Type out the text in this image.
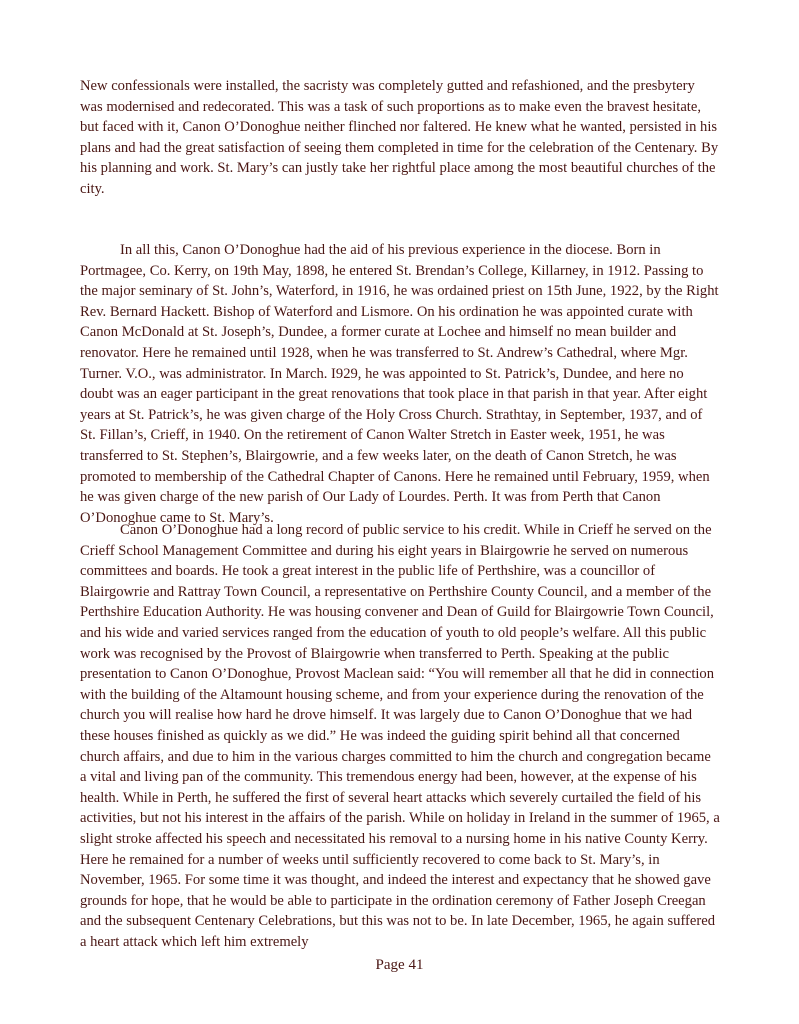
New confessionals were installed, the sacristy was completely gutted and refashioned, and the presbytery was modernised and redecorated. This was a task of such proportions as to make even the bravest hesitate, but faced with it, Canon O’Donoghue neither flinched nor faltered. He knew what he wanted, persisted in his plans and had the great satisfaction of seeing them completed in time for the celebration of the Centenary. By his planning and work. St. Mary’s can justly take her rightful place among the most beautiful churches of the city.

In all this, Canon O’Donoghue had the aid of his previous experience in the diocese. Born in Portmagee, Co. Kerry, on 19th May, 1898, he entered St. Brendan’s College, Killarney, in 1912. Passing to the major seminary of St. John’s, Waterford, in 1916, he was ordained priest on 15th June, 1922, by the Right Rev. Bernard Hackett. Bishop of Waterford and Lismore. On his ordination he was appointed curate with Canon McDonald at St. Joseph’s, Dundee, a former curate at Lochee and himself no mean builder and renovator. Here he remained until 1928, when he was transferred to St. Andrew’s Cathedral, where Mgr. Turner. V.O., was administrator. In March. I929, he was appointed to St. Patrick’s, Dundee, and here no doubt was an eager participant in the great renovations that took place in that parish in that year. After eight years at St. Patrick’s, he was given charge of the Holy Cross Church. Strathtay, in September, 1937, and of St. Fillan’s, Crieff, in 1940. On the retirement of Canon Walter Stretch in Easter week, 1951, he was transferred to St. Stephen’s, Blairgowrie, and a few weeks later, on the death of Canon Stretch, he was promoted to membership of the Cathedral Chapter of Canons. Here he remained until February, 1959, when he was given charge of the new parish of Our Lady of Lourdes. Perth. It was from Perth that Canon O’Donoghue came to St. Mary’s.

Canon O’Donoghue had a long record of public service to his credit. While in Crieff he served on the Crieff School Management Committee and during his eight years in Blairgowrie he served on numerous committees and boards. He took a great interest in the public life of Perthshire, was a councillor of Blairgowrie and Rattray Town Council, a representative on Perthshire County Council, and a member of the Perthshire Education Authority. He was housing convener and Dean of Guild for Blairgowrie Town Council, and his wide and varied services ranged from the education of youth to old people’s welfare. All this public work was recognised by the Provost of Blairgowrie when transferred to Perth. Speaking at the public presentation to Canon O’Donoghue, Provost Maclean said: “You will remember all that he did in connection with the building of the Altamount housing scheme, and from your experience during the renovation of the church you will realise how hard he drove himself. It was largely due to Canon O’Donoghue that we had these houses finished as quickly as we did.” He was indeed the guiding spirit behind all that concerned church affairs, and due to him in the various charges committed to him the church and congregation became a vital and living pan of the community. This tremendous energy had been, however, at the expense of his health. While in Perth, he suffered the first of several heart attacks which severely curtailed the field of his activities, but not his interest in the affairs of the parish. While on holiday in Ireland in the summer of 1965, a slight stroke affected his speech and necessitated his removal to a nursing home in his native County Kerry. Here he remained for a number of weeks until sufficiently recovered to come back to St. Mary’s, in November, 1965. For some time it was thought, and indeed the interest and expectancy that he showed gave grounds for hope, that he would be able to participate in the ordination ceremony of Father Joseph Creegan and the subsequent Centenary Celebrations, but this was not to be. In late December, 1965, he again suffered a heart attack which left him extremely

Page 41
